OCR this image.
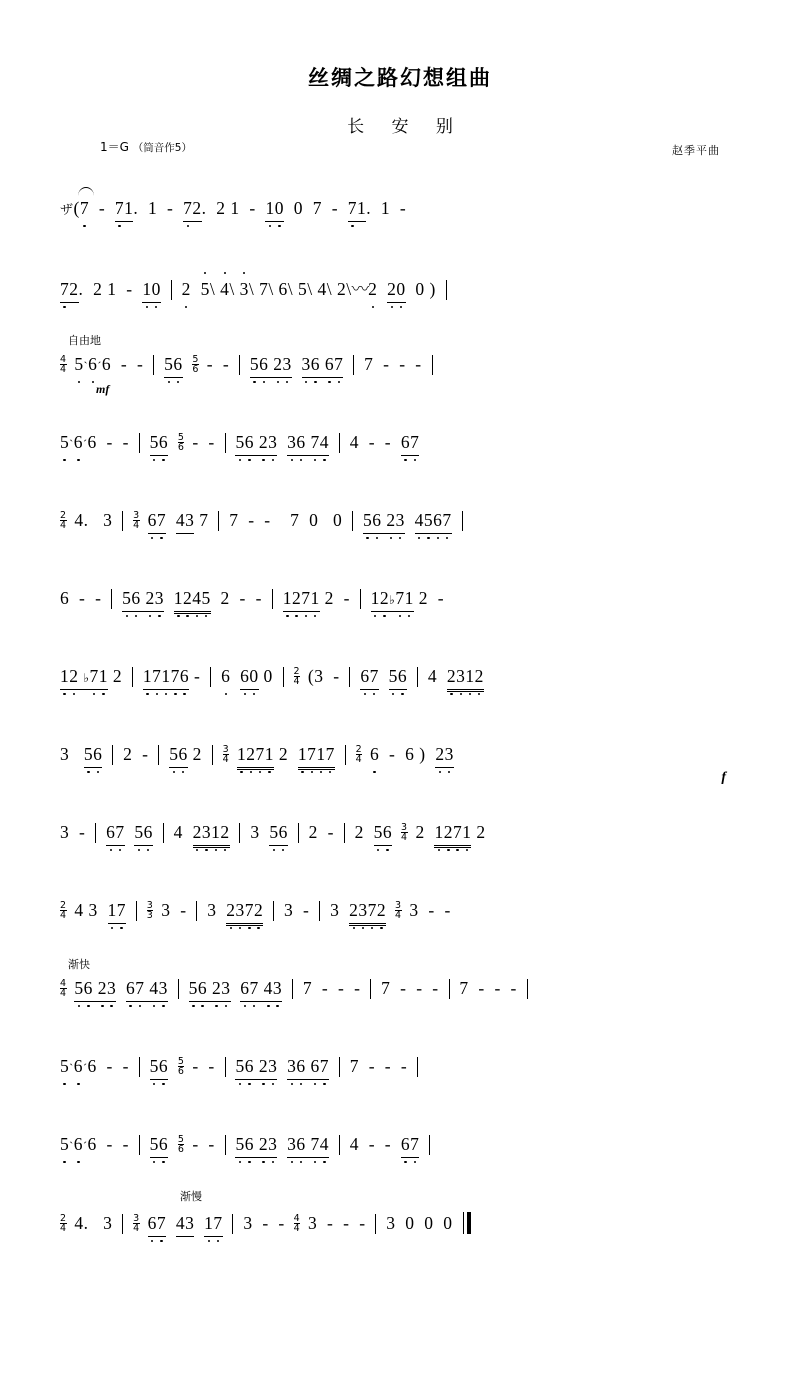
丝绸之路幻想组曲
长 安 别
1＝G （筒音作5）	赵季平曲
ザ(7
-  71.  1  -  72.  2 1  -  10  0  7  -  71.  1  -
72.  2 1  -  10 2 5\ 4\ 3\ 7\ 6\ 5\ 4\ 2\〰2 20  0 )
自由地
$\frac{4}{4}$ 5`6´6  -  -  $56 \frac{5}{6}$ -  -  56 23 36 67  7  -  -  -
mf
5`6´6  -  -  $56 \frac{5}{6}$ -  -  56 23 36 74  4  -  -  67
$\frac{2}{4} 4$.   $3 \frac{3}{4} 67$ 43 7  7  -  -    7  0   0  56 23 4567
6  -  -  56 23 1245  2  -  -  1271 2  -  12♭71 2  -
12 ♭71 2  17176 -  6 60 $0 \frac{2}{4} (3 - 67$ 56  4  2312
3   56  2  -  56 $2 \frac{3}{4} 1271$ 2  $1717 \frac{2}{4} 6 - 6$ )  23
f
3  -  67 56  4  2312  3  56  2  -  2  $56 \frac{3}{4} 2$  1271 2
$\frac{2}{4} 4$ 3  $17 \frac{3}{3} 3 - 3$  2372  3  -  3  $2372 \frac{3}{4} 3$  -  -
渐快
$\frac{4}{4} 56$ 23 67 43 56 23 67 43  7  -  -  -  7  -  -  -  7  -  -  -
5`6´6  -  -  $56 \frac{5}{6}$ -  -  56 23 36 67  7  -  -  -
5`6´6  -  -  $56 \frac{5}{6}$ -  -  56 23 36 74  4  -  -  67
渐慢
$\frac{2}{4} 4$.   $3 \frac{3}{4} 67$ 43 17  3  -  - $\frac{4}{4} 3$  -  -  -  3  0  0  0
